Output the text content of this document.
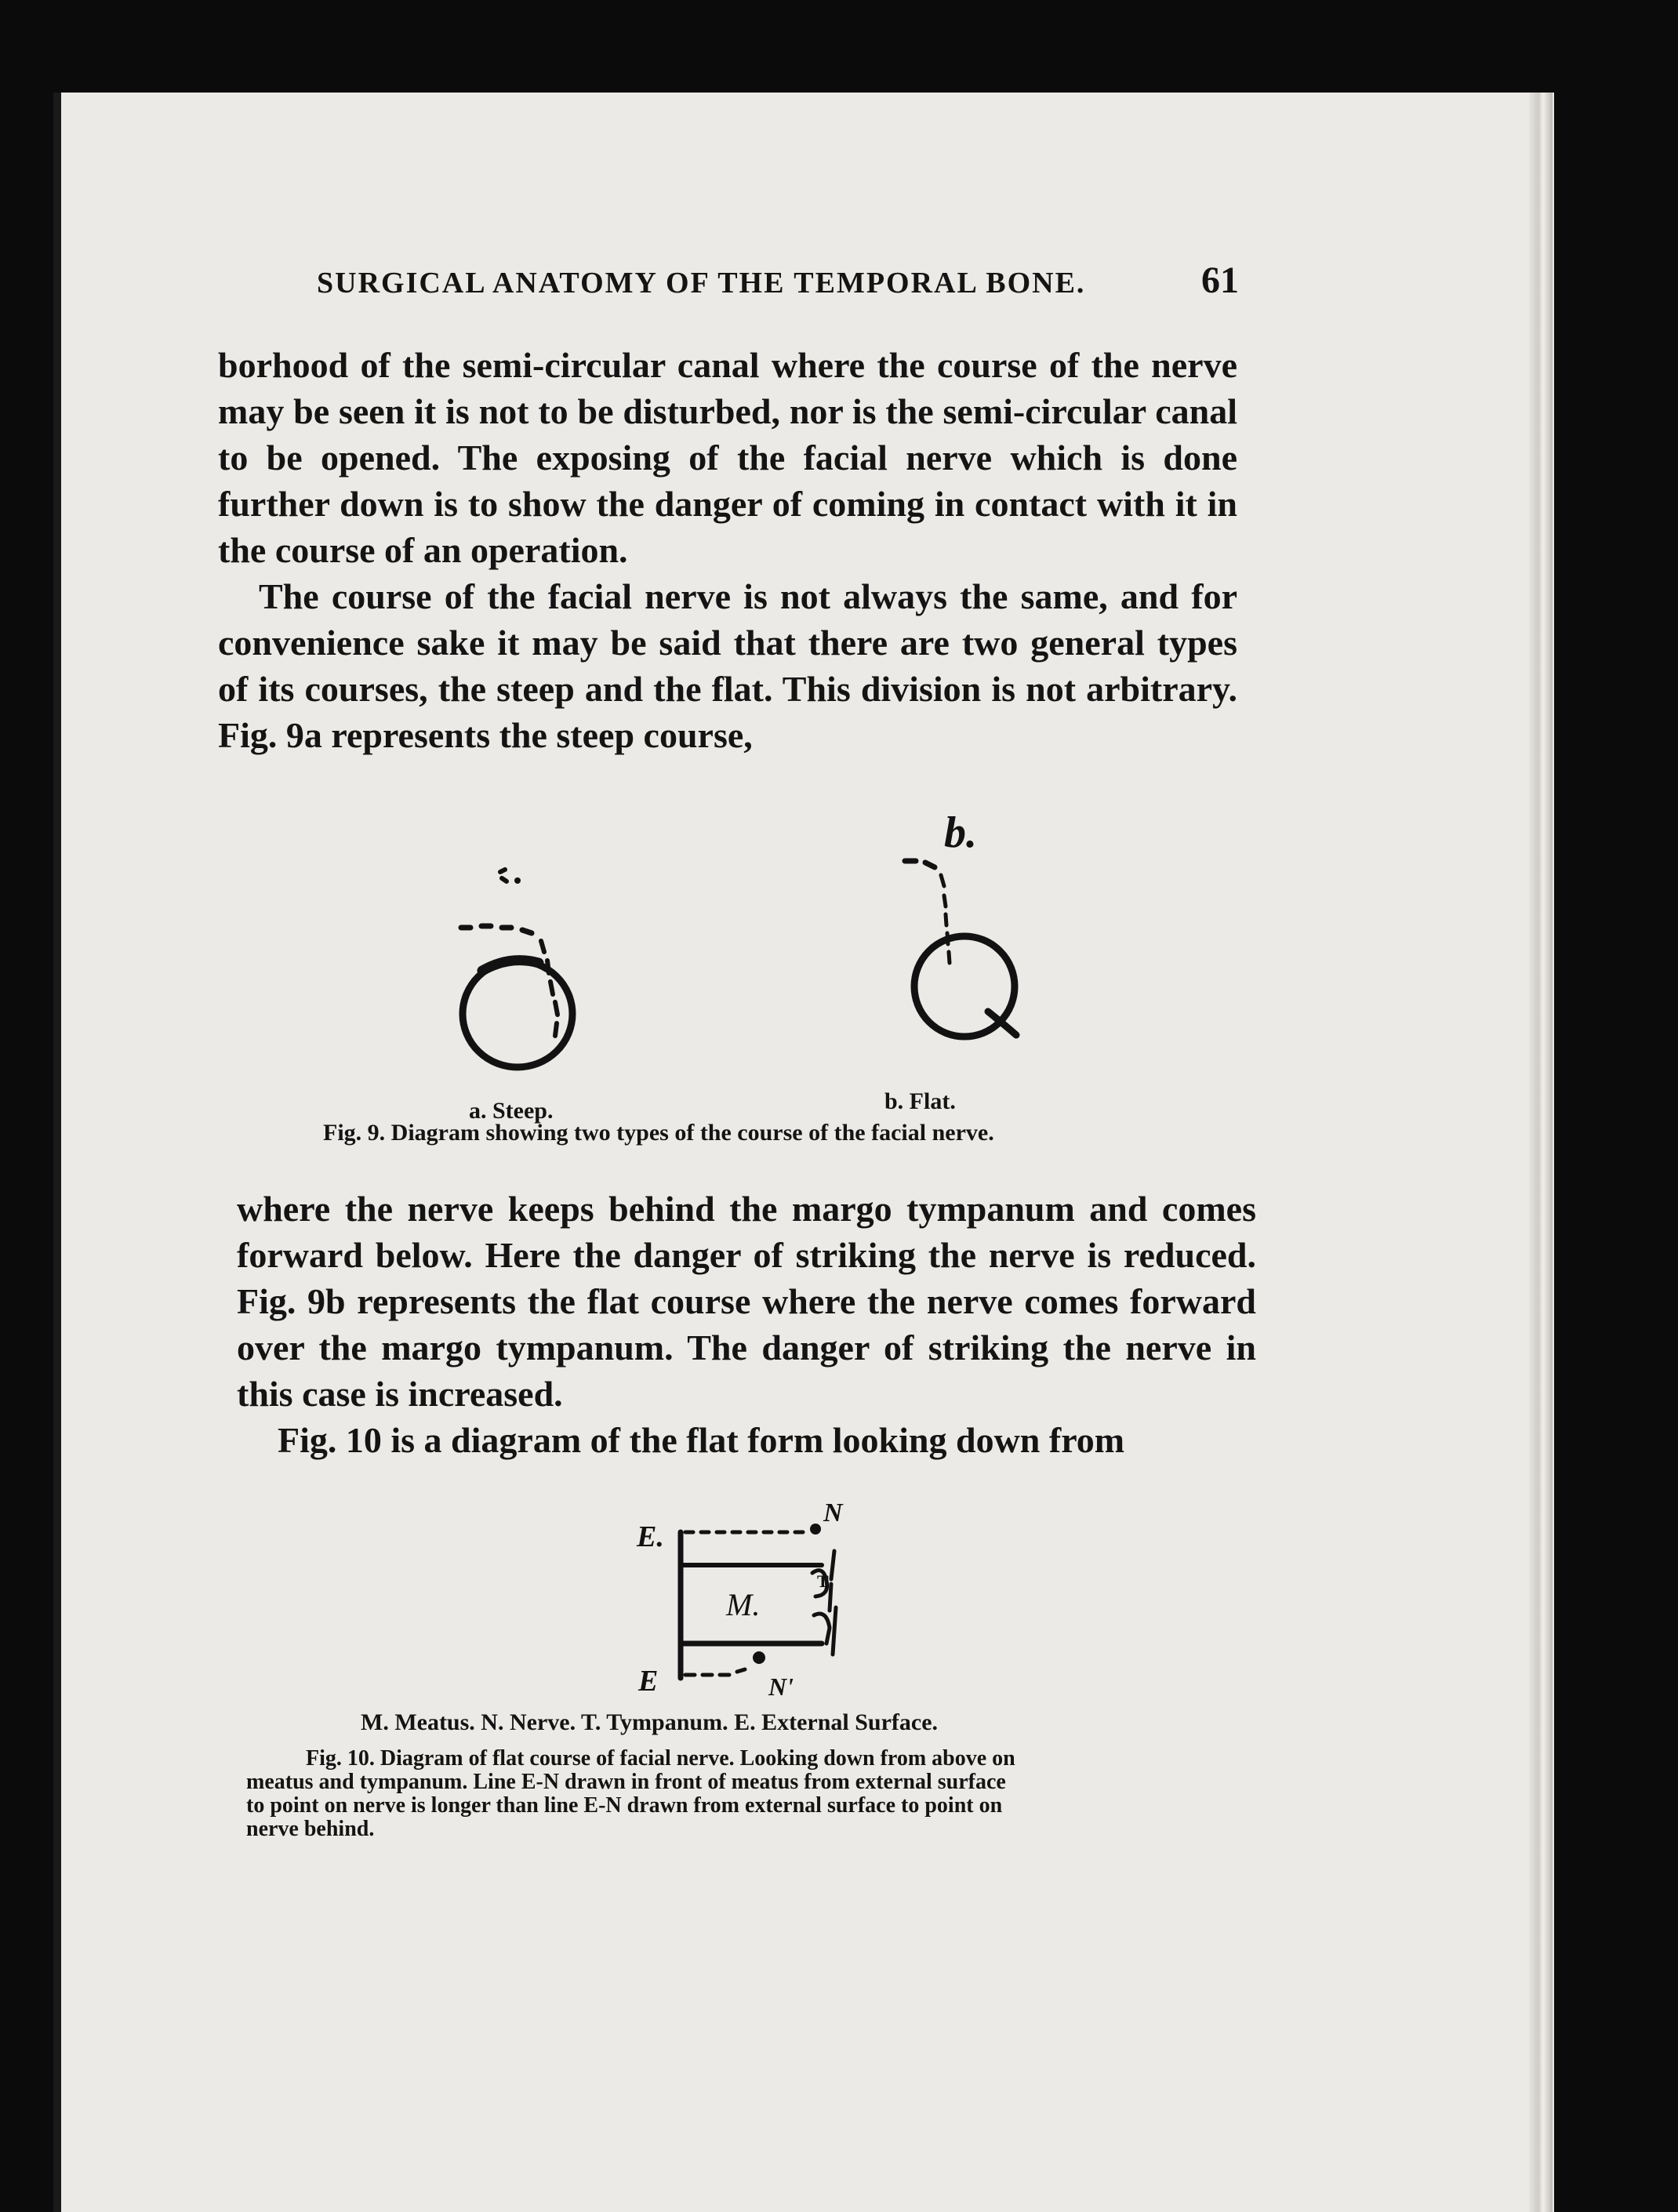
SURGICAL ANATOMY OF THE TEMPORAL BONE.	61

borhood of the semi-circular canal where the course of the nerve may be seen it is not to be disturbed, nor is the semi-circular canal to be opened. The exposing of the facial nerve which is done further down is to show the danger of coming in contact with it in the course of an operation.

The course of the facial nerve is not always the same, and for convenience sake it may be said that there are two general types of its courses, the steep and the flat. This division is not arbitrary. Fig. 9a represents the steep course,

b.
a. Steep.	b. Flat.
Fig. 9. Diagram showing two types of the course of the facial nerve.

where the nerve keeps behind the margo tympanum and comes forward below. Here the danger of striking the nerve is reduced. Fig. 9b represents the flat course where the nerve comes forward over the margo tympanum. The danger of striking the nerve in this case is increased.

Fig. 10 is a diagram of the flat form looking down from

E.
N
M.
T
E	N'
M. Meatus. N. Nerve. T. Tympanum. E. External Surface.

Fig. 10. Diagram of flat course of facial nerve. Looking down from above on

meatus and tympanum. Line E-N drawn in front of meatus from external surface

to point on nerve is longer than line E-N drawn from external surface to point on

nerve behind.
